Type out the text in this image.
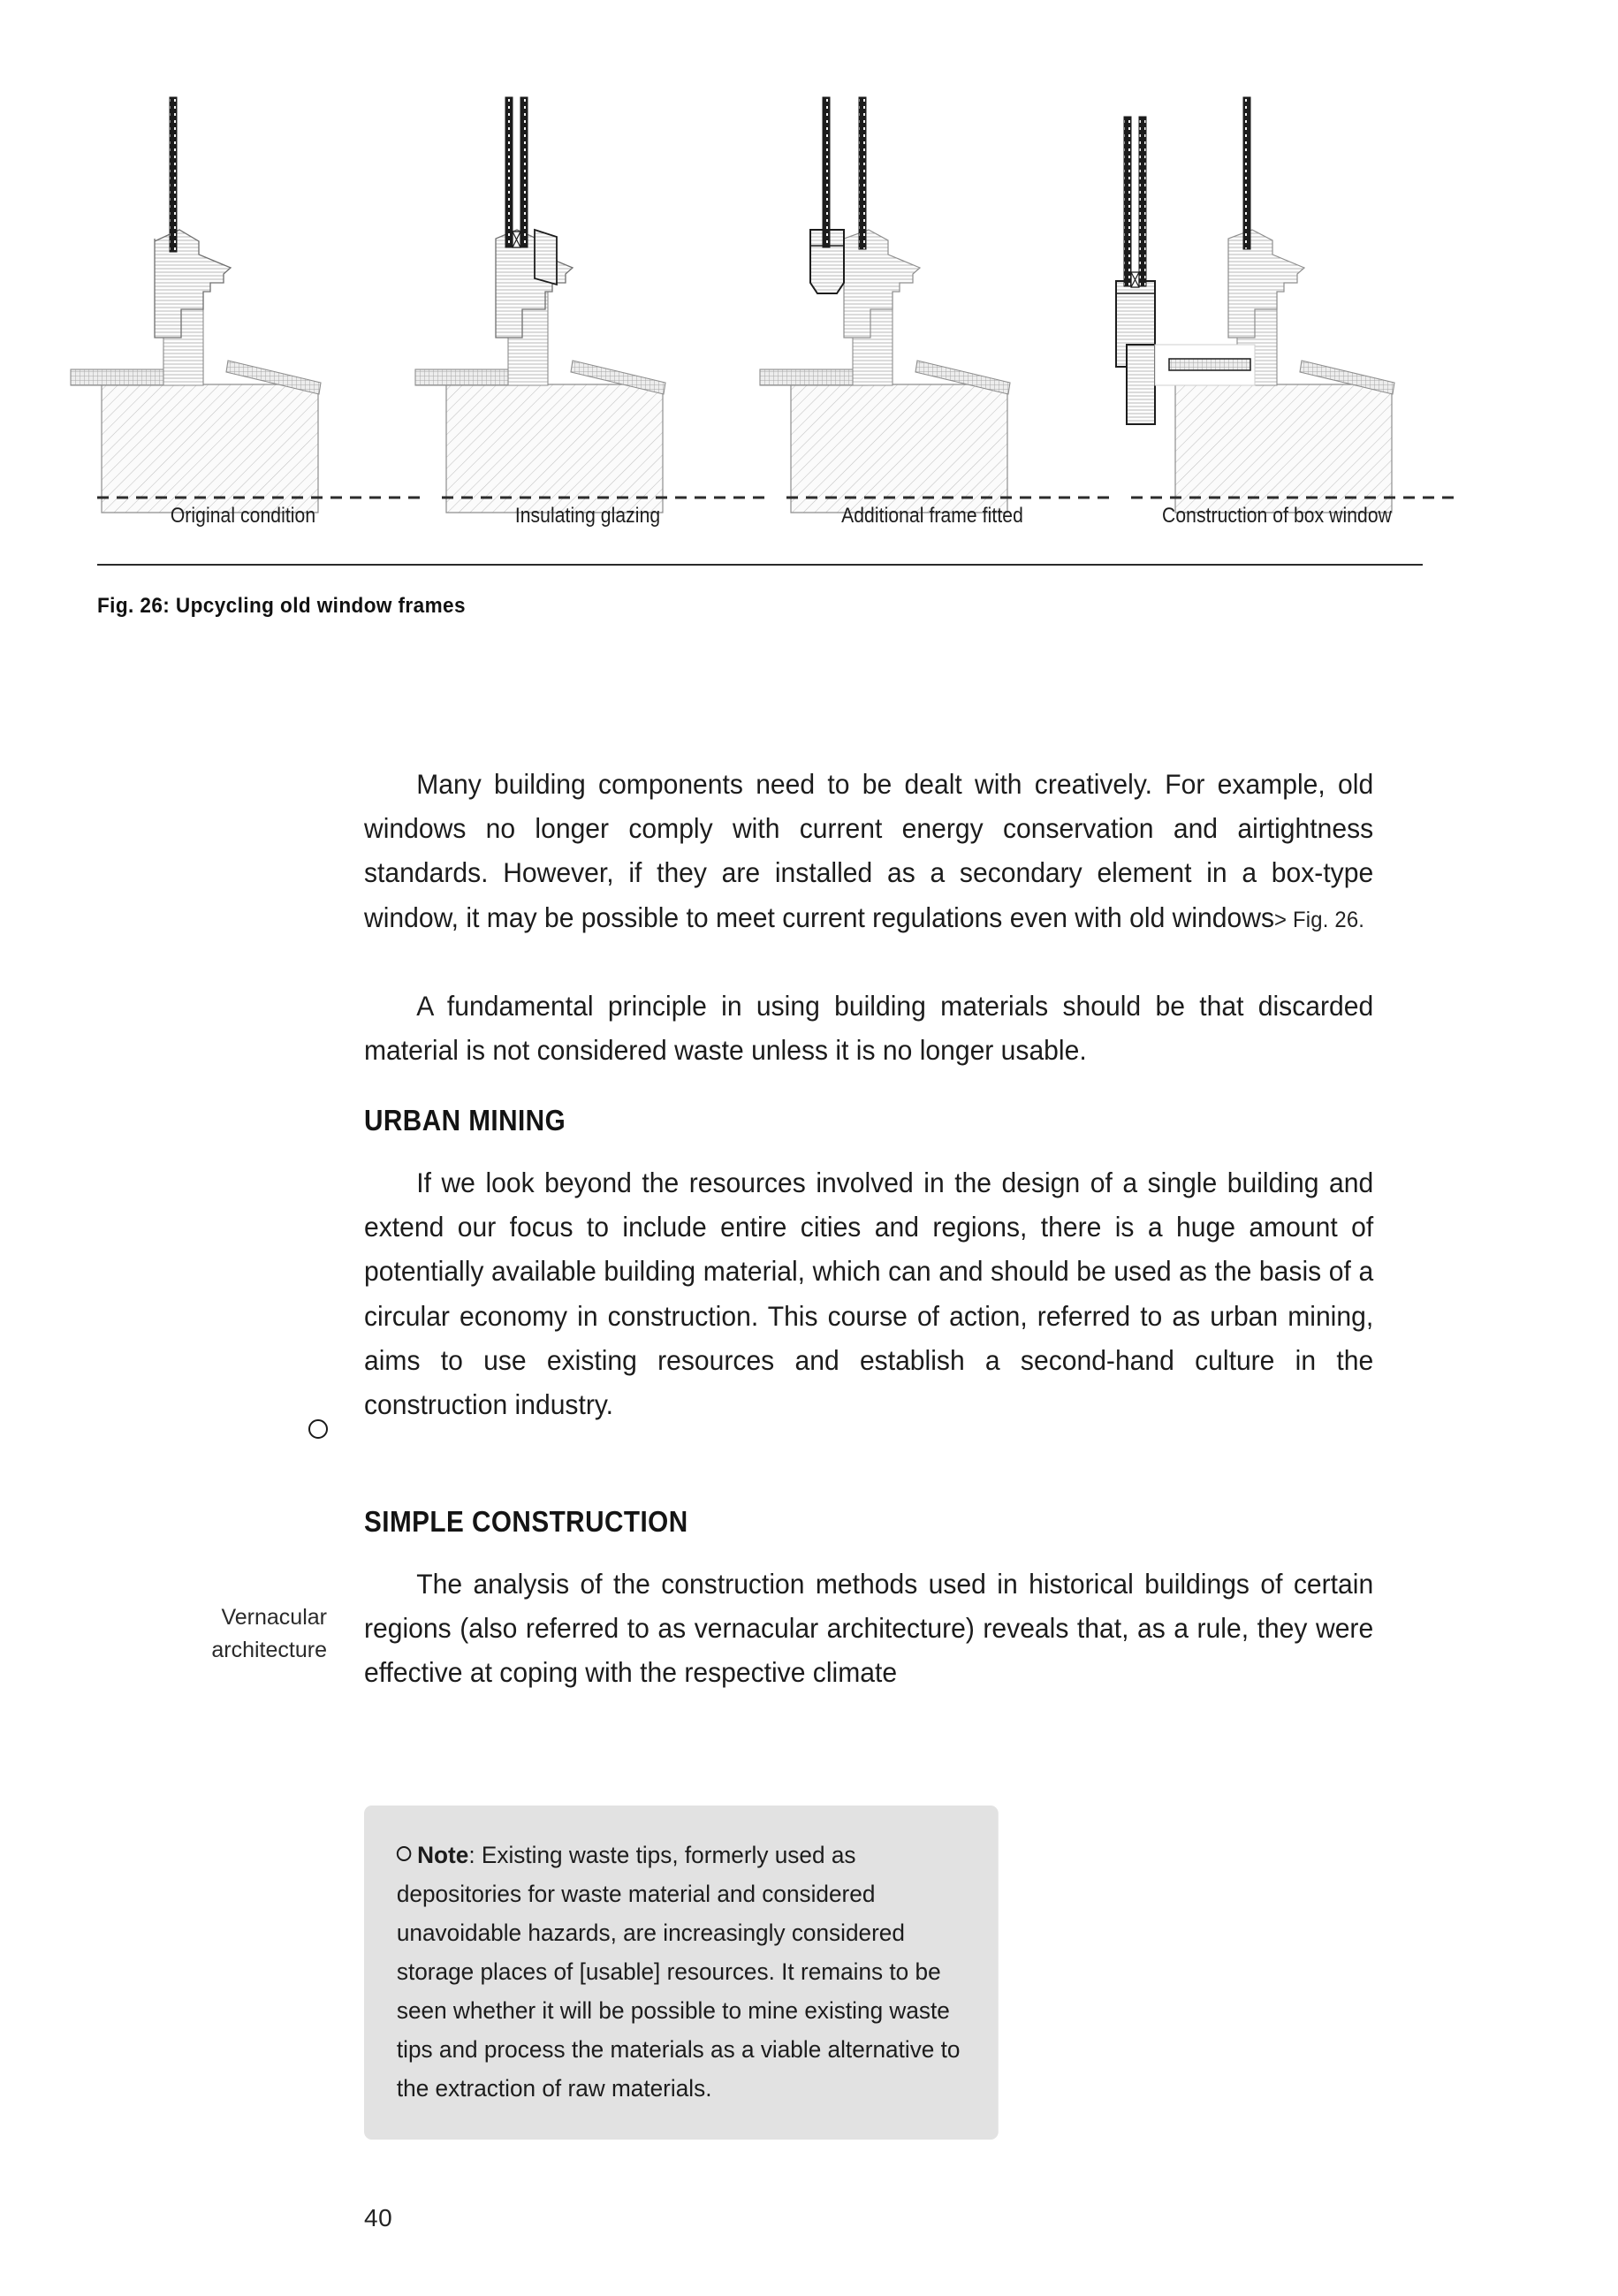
Original condition	Insulating glazing	Additional frame fitted	Construction of box window
Fig. 26: Upcycling old window frames

Many building components need to be dealt with creatively. For example, old windows no longer comply with current energy conservation and airtightness standards. However, if they are installed as a secondary element in a box-type window, it may be possible to meet current regulations even with old windows> Fig. 26.

A fundamental principle in using building materials should be that discarded material is not considered waste unless it is no longer usable.

URBAN MINING

If we look beyond the resources involved in the design of a single building and extend our focus to include entire cities and regions, there is a huge amount of potentially available building material, which can and should be used as the basis of a circular economy in construction. This course of action, referred to as urban mining, aims to use existing resources and establish a second-hand culture in the construction industry.

SIMPLE CONSTRUCTION

The analysis of the construction methods used in historical buildings of certain regions (also referred to as vernacular architecture) reveals that, as a rule, they were effective at coping with the respective climate

Vernacular
architecture
Note: Existing waste tips, formerly used as depositories for waste material and considered unavoidable hazards, are increasingly considered storage places of [usable] resources. It remains to be seen whether it will be possible to mine existing waste tips and process the materials as a viable alternative to the extraction of raw materials.
40
